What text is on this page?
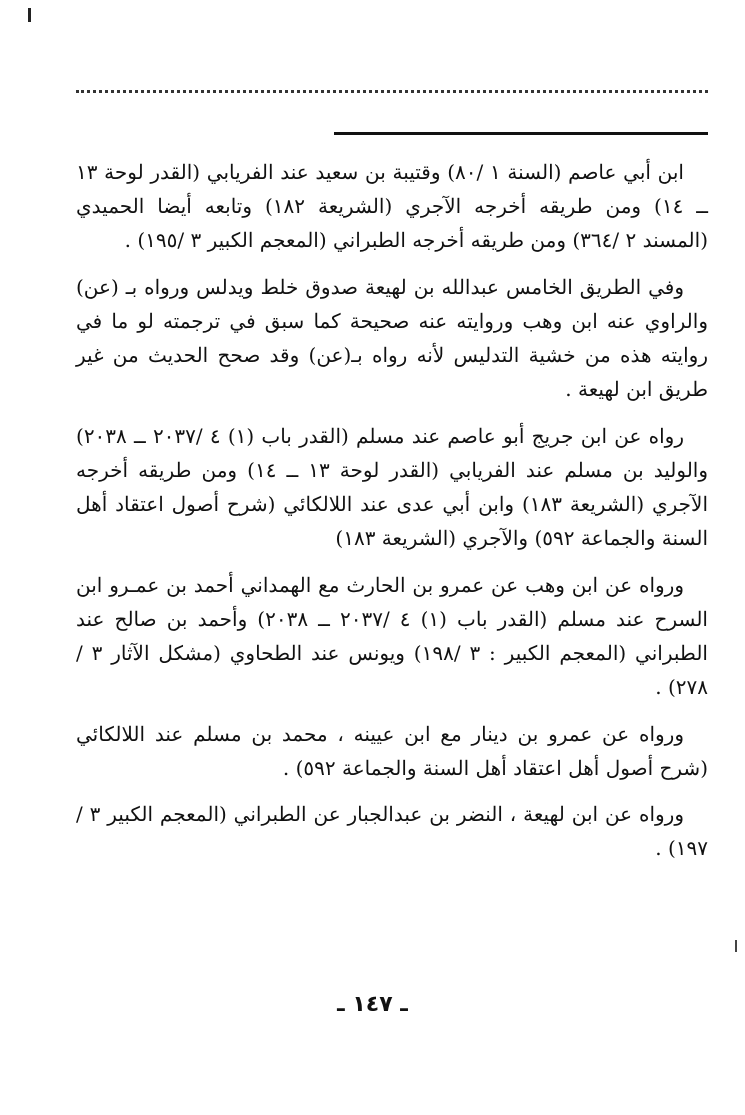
ابن أبي عاصم (السنة ١ /٨٠) وقتيبة بن سعيد عند الفريابي (القدر لوحة ١٣ ــ ١٤) ومن طريقه أخرجه الآجري (الشريعة ١٨٢) وتابعه أيضا الحميدي (المسند ٢ /٣٦٤) ومن طريقه أخرجه الطبراني (المعجم الكبير ٣ /١٩٥) .

وفي الطريق الخامس عبدالله بن لهيعة صدوق خلط ويدلس ورواه بـ (عن) والراوي عنه ابن وهب وروايته عنه صحيحة كما سبق في ترجمته لو ما في روايته هذه من خشية التدليس لأنه رواه بـ(عن) وقد صحح الحديث من غير طريق ابن لهيعة .

رواه عن ابن جريج أبو عاصم عند مسلم (القدر باب (١) ٤ /٢٠٣٧ ــ ٢٠٣٨) والوليد بن مسلم عند الفريابي (القدر لوحة ١٣ ــ ١٤) ومن طريقه أخرجه الآجري (الشريعة ١٨٣) وابن أبي عدى عند اللالكائي (شرح أصول اعتقاد أهل السنة والجماعة ٥٩٢) والآجري (الشريعة ١٨٣)

ورواه عن ابن وهب عن عمرو بن الحارث مع الهمداني أحمد بن عمـرو ابن السرح عند مسلم (القدر باب (١) ٤ /٢٠٣٧ ــ ٢٠٣٨) وأحمد بن صالح عند الطبراني (المعجم الكبير : ٣ /١٩٨) ويونس عند الطحاوي (مشكل الآثار ٣ /٢٧٨) .

ورواه عن عمرو بن دينار مع ابن عيينه ، محمد بن مسلم عند اللالكائي (شرح أصول أهل اعتقاد أهل السنة والجماعة ٥٩٢) .

ورواه عن ابن لهيعة ، النضر بن عبدالجبار عن الطبراني (المعجم الكبير ٣ /١٩٧) .

ـ ١٤٧ ـ
